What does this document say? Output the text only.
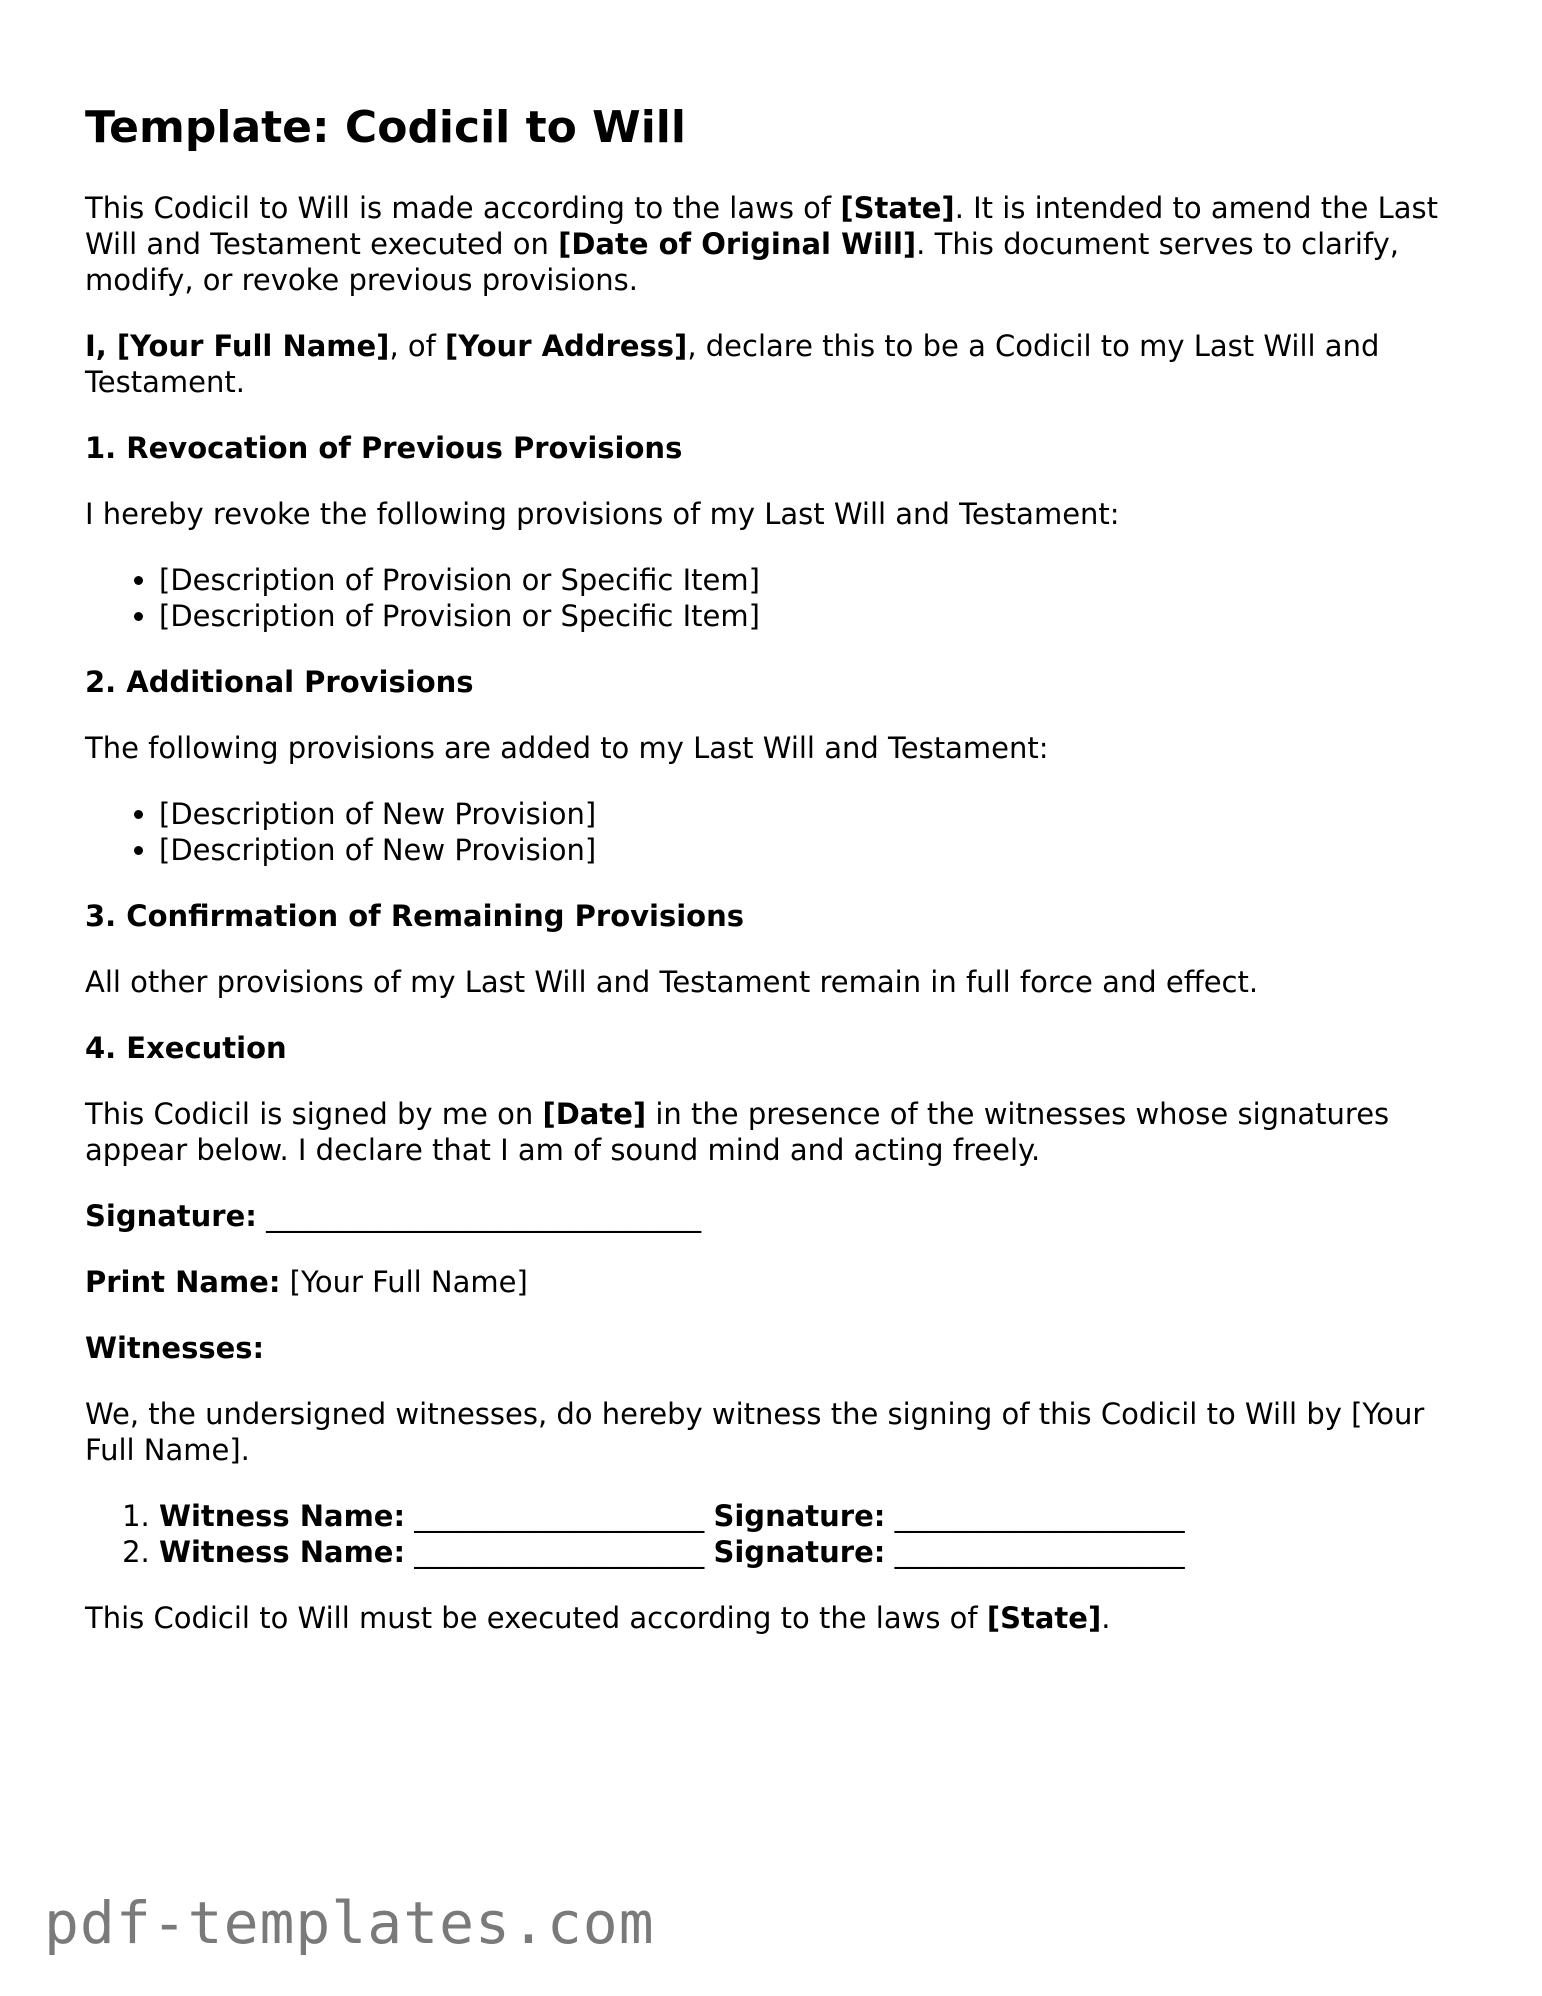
Template: Codicil to Will

This Codicil to Will is made according to the laws of [State]. It is intended to amend the Last Will and Testament executed on [Date of Original Will]. This document serves to clarify, modify, or revoke previous provisions.

I, [Your Full Name], of [Your Address], declare this to be a Codicil to my Last Will and Testament.

1. Revocation of Previous Provisions

I hereby revoke the following provisions of my Last Will and Testament:

• [Description of Provision or Specific Item]
• [Description of Provision or Specific Item]
2. Additional Provisions

The following provisions are added to my Last Will and Testament:

• [Description of New Provision]
• [Description of New Provision]
3. Confirmation of Remaining Provisions

All other provisions of my Last Will and Testament remain in full force and effect.

4. Execution

This Codicil is signed by me on [Date] in the presence of the witnesses whose signatures appear below. I declare that I am of sound mind and acting freely.

Signature: ______________________________

Print Name: [Your Full Name]

Witnesses:

We, the undersigned witnesses, do hereby witness the signing of this Codicil to Will by [Your Full Name].

1. Witness Name: ____________________ Signature: ____________________
2. Witness Name: ____________________ Signature: ____________________

This Codicil to Will must be executed according to the laws of [State].

pdf-templates.com
